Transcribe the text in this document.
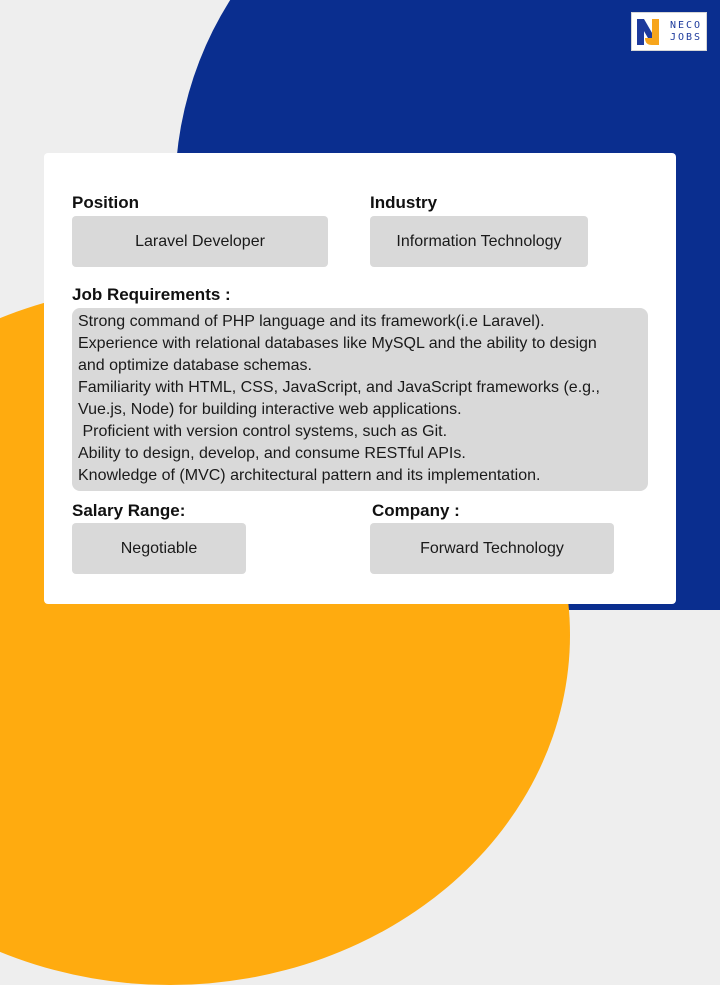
NECO
JOBS
Position
Laravel Developer
Industry
Information Technology
Job Requirements :
Strong command of PHP language and its framework(i.e Laravel).
Experience with relational databases like MySQL and the ability to design
and optimize database schemas.
Familiarity with HTML, CSS, JavaScript, and JavaScript frameworks (e.g.,
Vue.js, Node) for building interactive web applications.
Proficient with version control systems, such as Git.
Ability to design, develop, and consume RESTful APIs.
Knowledge of (MVC) architectural pattern and its implementation.
Salary Range:
Negotiable
Company :
Forward Technology
